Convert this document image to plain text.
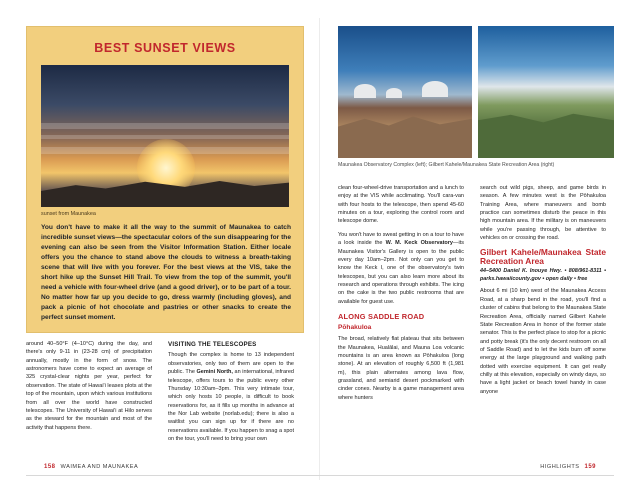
BEST SUNSET VIEWS
sunset from Maunakea
You don't have to make it all the way to the summit of Maunakea to catch incredible sunset views—the spectacular colors of the sun disappearing for the evening can also be seen from the Visitor Information Station. Either locale offers you the chance to stand above the clouds to witness a breath-taking scene that will live with you forever. For the best views at the VIS, take the short hike up the Sunset Hill Trail. To view from the top of the summit, you'll need a vehicle with four-wheel drive (and a good driver), or to be part of a tour. No matter how far up you decide to go, dress warmly (including gloves), and pack a picnic of hot chocolate and pastries or other snacks to create the perfect sunset moment.

around 40–50°F (4–10°C) during the day, and there's only 9-11 in (23-28 cm) of precipitation annually, mostly in the form of snow. The astronomers have come to expect an average of 325 crystal-clear nights per year, perfect for observation. The state of Hawai'i leases plots at the top of the mountain, upon which various institutions from all over the world have constructed telescopes. The University of Hawai'i at Hilo serves as the steward for the mountain and most of the activity that happens there.

VISITING THE TELESCOPES

Though the complex is home to 13 independent observatories, only two of them are open to the public. The Gemini North, an international, infrared telescope, offers tours to the public every other Thursday 10:30am–3pm. This very intimate tour, which only hosts 10 people, is difficult to book reservations for, as it fills up months in advance at the Nor Lab website (norlab.edu); there is also a waitlist you can sign up for if there are no reservations available. If you happen to snag a spot on the tour, you'll need to bring your own

158 WAIMEA AND MAUNAKEA
Maunakea Observatory Complex (left); Gilbert Kahele/Maunakea State Recreation Area (right)

clean four-wheel-drive transportation and a lunch to enjoy at the VIS while acclimating. You'll cara-van with four hosts to the telescope, then spend 45-60 minutes on a tour, exploring the control room and telescope dome.

You won't have to sweat getting in on a tour to have a look inside the W. M. Keck Observatory—its Maunakea Visitor's Gallery is open to the public every day 10am–2pm. Not only can you get to know the Keck I, one of the observatory's twin telescopes, but you can also learn more about its research and operations through exhibits. The icing on the cake is the two public restrooms that are available for guest use.

ALONG SADDLE ROAD
Pōhakuloa

The broad, relatively flat plateau that sits between the Maunakea, Hualālai, and Mauna Loa volcanic mountains is an area known as Pōhakuloa (long stone). At an elevation of roughly 6,500 ft (1,981 m), this plain alternates among lava flow, grassland, and semiarid desert pockmarked with cinder cones. Nearby is a game management area where hunters

search out wild pigs, sheep, and game birds in season. A few minutes west is the Pōhakuloa Training Area, where maneuvers and bomb practice can sometimes disturb the peace in this high mountain area. If the military is on maneuvers while you're passing through, be attentive to vehicles on or crossing the road.

Gilbert Kahele/Maunakea State Recreation Area
44–5400 Daniel K. Inouye Hwy. • 808/961-8311 • parks.hawaiicounty.gov • open daily • free

About 6 mi (10 km) west of the Maunakea Access Road, at a sharp bend in the road, you'll find a cluster of cabins that belong to the Maunakea State Recreation Area, officially named Gilbert Kahele State Recreation Area in honor of the former state senator. This is the perfect place to stop for a picnic and potty break (it's the only decent restroom on all of Saddle Road) and to let the kids burn off some energy at the large playground and walking path dotted with exercise equipment. It can get really chilly at this elevation, especially on windy days, so have a light jacket or beach towel handy in case anyone

HIGHLIGHTS 159
